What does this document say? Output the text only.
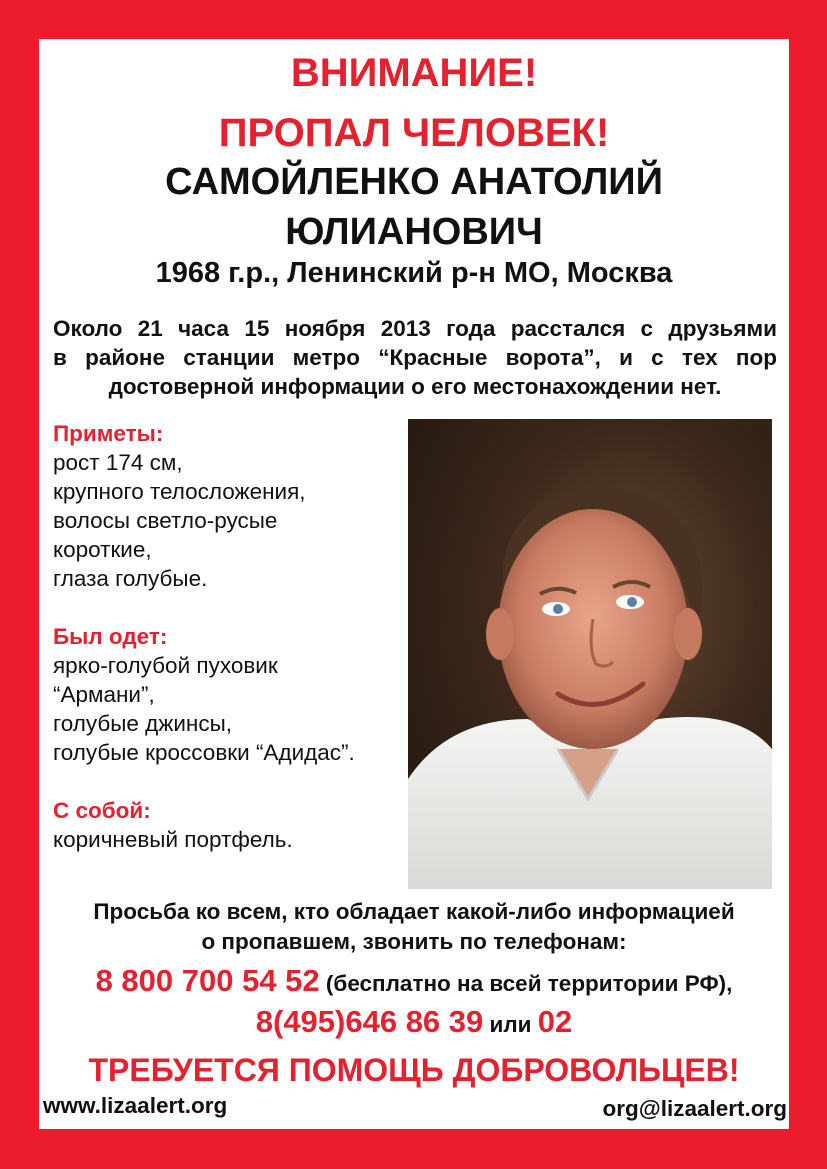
ВНИМАНИЕ!
ПРОПАЛ ЧЕЛОВЕК!
САМОЙЛЕНКО АНАТОЛИЙ
ЮЛИАНОВИЧ
1968 г.р., Ленинский р-н МО, Москва
Около 21 часа 15 ноября 2013 года расстался с друзьями
в районе станции метро “Красные ворота”, и с тех пор
достоверной информации о его местонахождении нет.
Приметы:
рост 174 см,
крупного телосложения,
волосы светло-русые
короткие,
глаза голубые.
Был одет:
ярко-голубой пуховик
“Армани”,
голубые джинсы,
голубые кроссовки “Адидас”.
С собой:
коричневый портфель.
Просьба ко всем, кто обладает какой-либо информацией
о пропавшем, звонить по телефонам:
8 800 700 54 52 (бесплатно на всей территории РФ),
8(495)646 86 39 или 02
ТРЕБУЕТСЯ ПОМОЩЬ ДОБРОВОЛЬЦЕВ!
www.lizaalert.org	org@lizaalert.org
